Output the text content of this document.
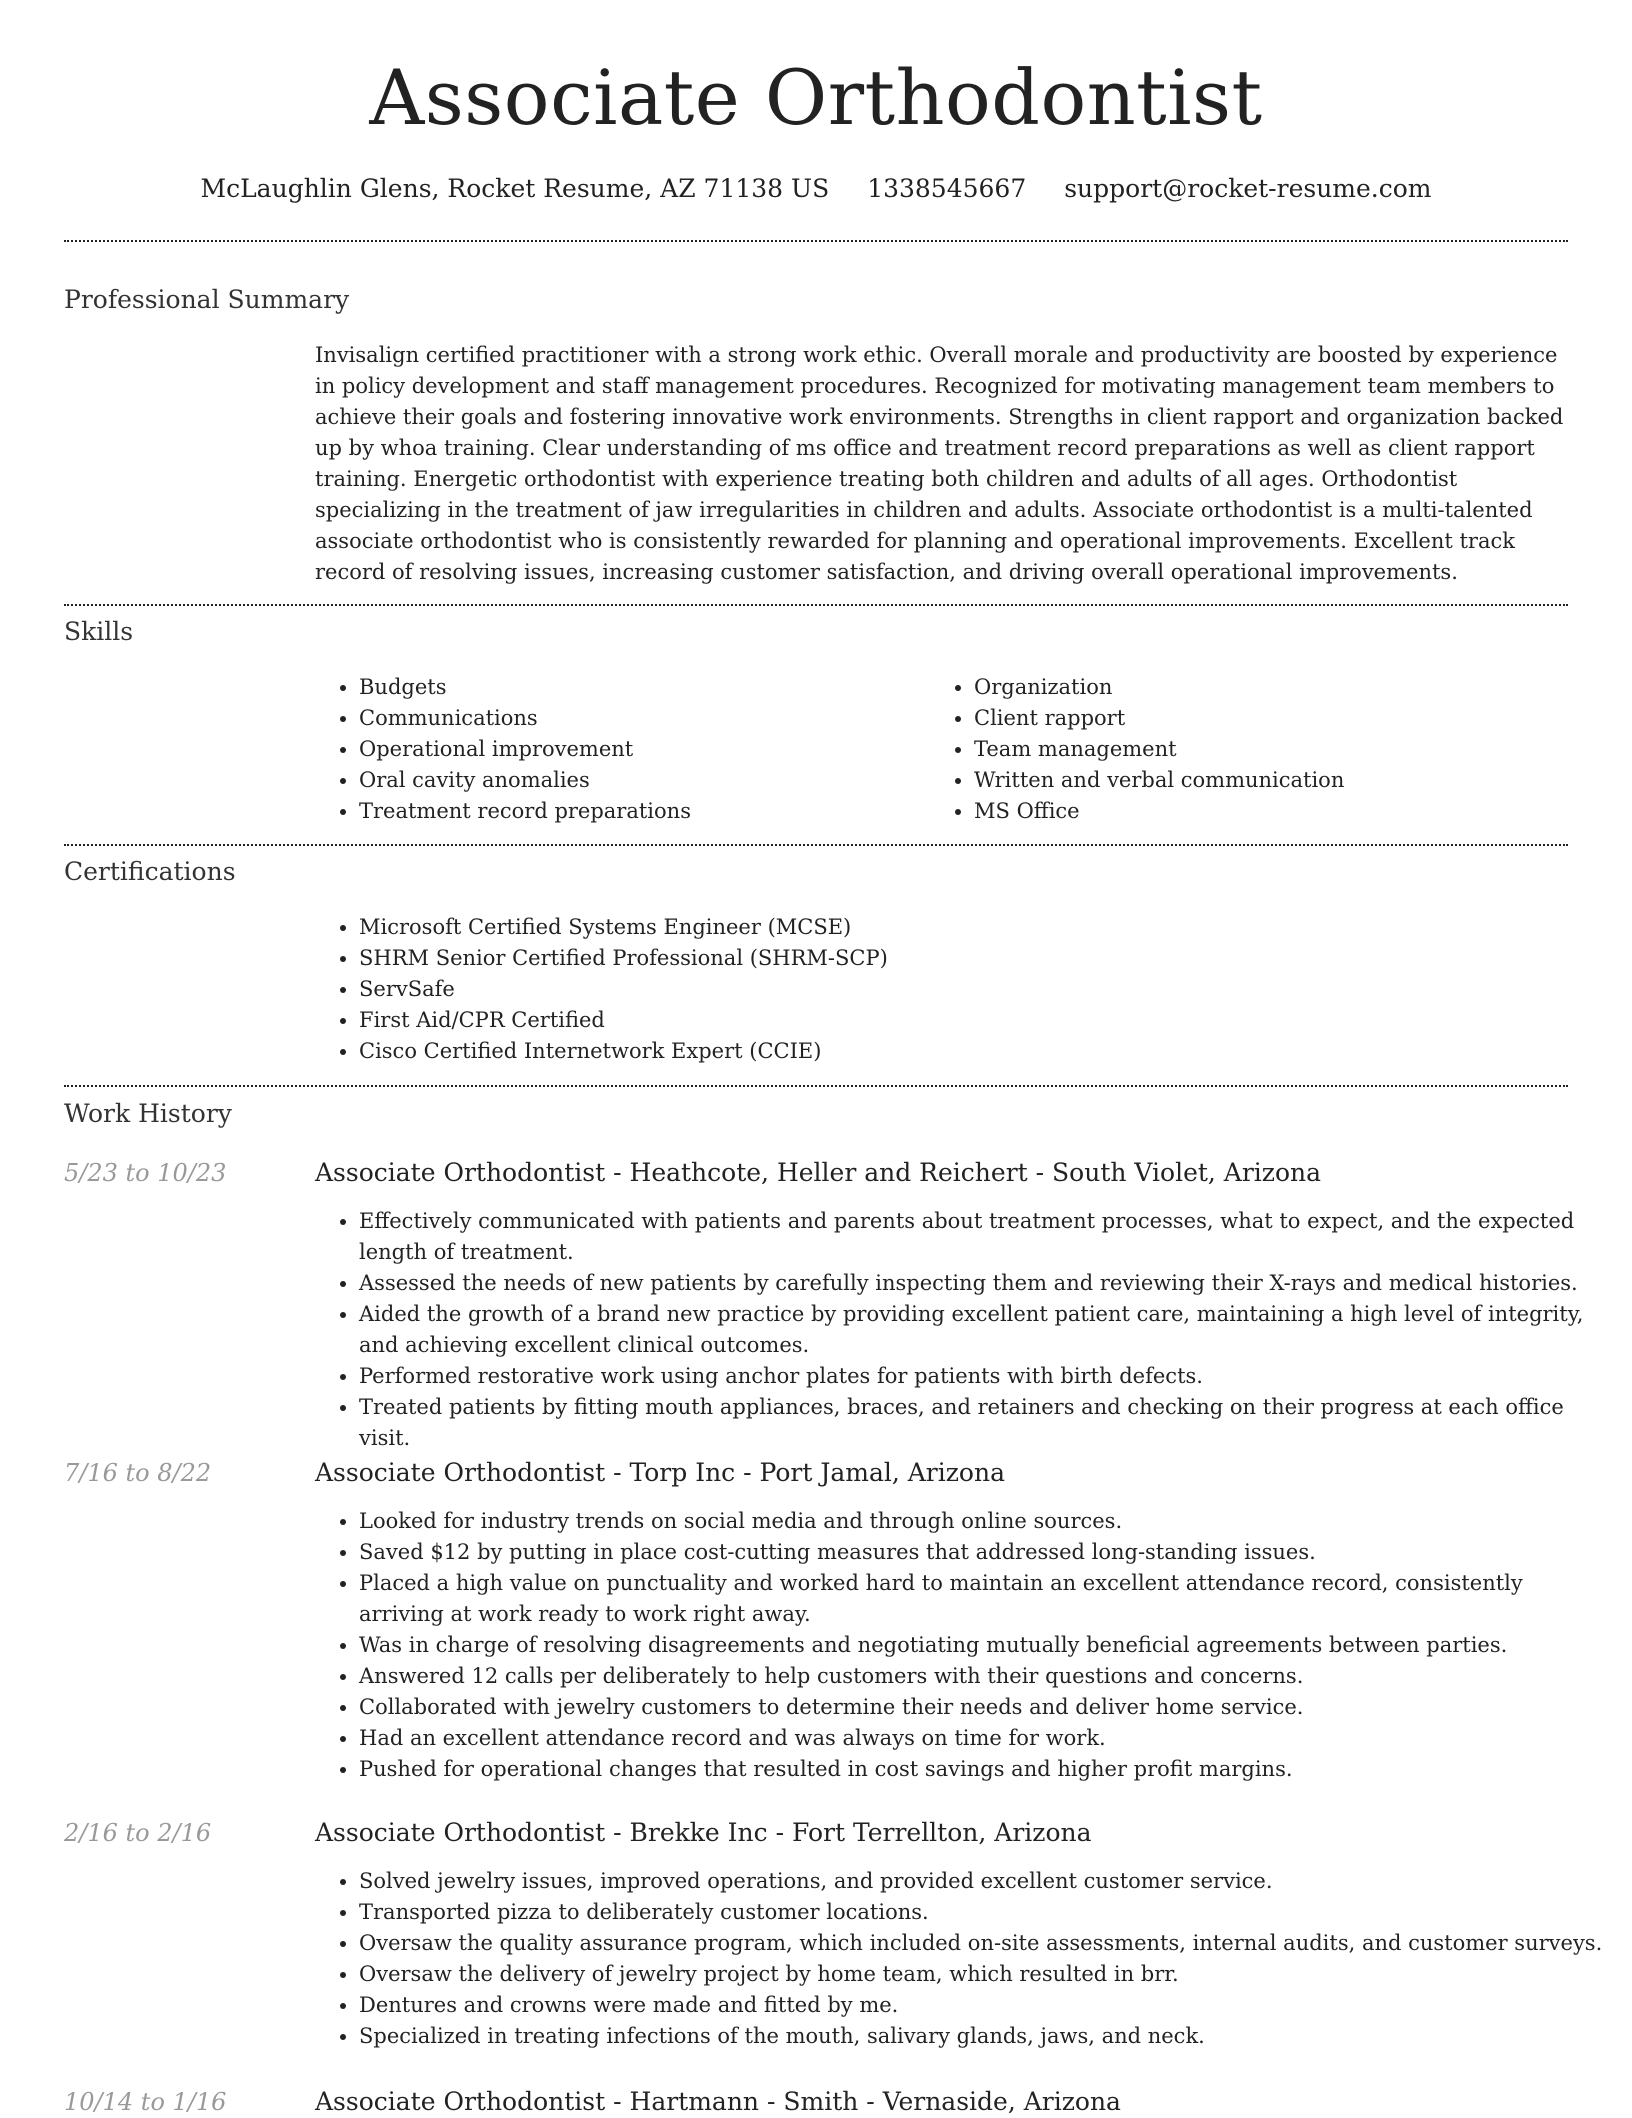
Associate Orthodontist
McLaughlin Glens, Rocket Resume, AZ 71138 US 1338545667 support@rocket-resume.com
Professional Summary
Invisalign certified practitioner with a strong work ethic. Overall morale and productivity are boosted by experience in policy development and staff management procedures. Recognized for motivating management team members to achieve their goals and fostering innovative work environments. Strengths in client rapport and organization backed up by whoa training. Clear understanding of ms office and treatment record preparations as well as client rapport training. Energetic orthodontist with experience treating both children and adults of all ages. Orthodontist specializing in the treatment of jaw irregularities in children and adults. Associate orthodontist is a multi-talented associate orthodontist who is consistently rewarded for planning and operational improvements. Excellent track record of resolving issues, increasing customer satisfaction, and driving overall operational improvements.
Skills
• Budgets
• Communications
• Operational improvement
• Oral cavity anomalies
• Treatment record preparations
• Organization
• Client rapport
• Team management
• Written and verbal communication
• MS Office
Certifications
• Microsoft Certified Systems Engineer (MCSE)
• SHRM Senior Certified Professional (SHRM-SCP)
• ServSafe
• First Aid/CPR Certified
• Cisco Certified Internetwork Expert (CCIE)
Work History
5/23 to 10/23	Associate Orthodontist - Heathcote, Heller and Reichert - South Violet, Arizona
• Effectively communicated with patients and parents about treatment processes, what to expect, and the expected length of treatment.
• Assessed the needs of new patients by carefully inspecting them and reviewing their X-rays and medical histories.
• Aided the growth of a brand new practice by providing excellent patient care, maintaining a high level of integrity, and achieving excellent clinical outcomes.
• Performed restorative work using anchor plates for patients with birth defects.
• Treated patients by fitting mouth appliances, braces, and retainers and checking on their progress at each office visit.
7/16 to 8/22	Associate Orthodontist - Torp Inc - Port Jamal, Arizona
• Looked for industry trends on social media and through online sources.
• Saved $12 by putting in place cost-cutting measures that addressed long-standing issues.
• Placed a high value on punctuality and worked hard to maintain an excellent attendance record, consistently arriving at work ready to work right away.
• Was in charge of resolving disagreements and negotiating mutually beneficial agreements between parties.
• Answered 12 calls per deliberately to help customers with their questions and concerns.
• Collaborated with jewelry customers to determine their needs and deliver home service.
• Had an excellent attendance record and was always on time for work.
• Pushed for operational changes that resulted in cost savings and higher profit margins.
2/16 to 2/16	Associate Orthodontist - Brekke Inc - Fort Terrellton, Arizona
• Solved jewelry issues, improved operations, and provided excellent customer service.
• Transported pizza to deliberately customer locations.
• Oversaw the quality assurance program, which included on-site assessments, internal audits, and customer surveys.
• Oversaw the delivery of jewelry project by home team, which resulted in brr.
• Dentures and crowns were made and fitted by me.
• Specialized in treating infections of the mouth, salivary glands, jaws, and neck.
10/14 to 1/16	Associate Orthodontist - Hartmann - Smith - Vernaside, Arizona
